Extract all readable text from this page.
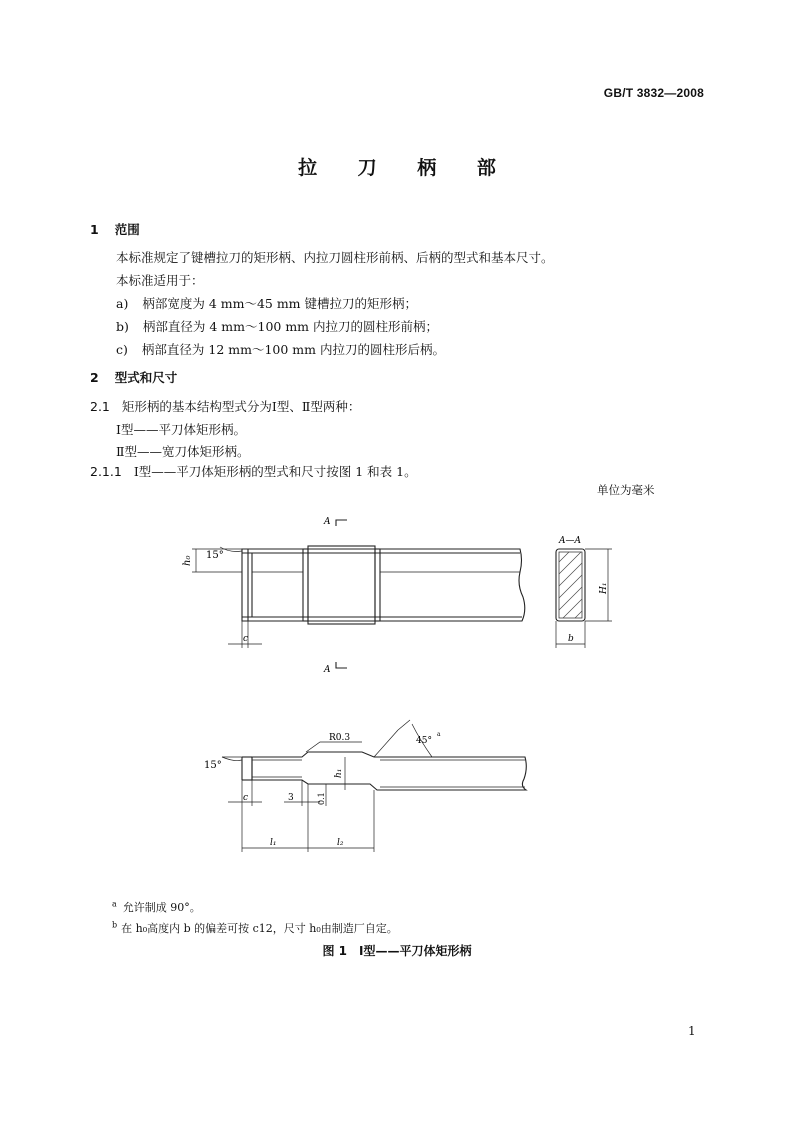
GB/T 3832—2008
拉 刀 柄 部
1 范围
本标准规定了键槽拉刀的矩形柄、内拉刀圆柱形前柄、后柄的型式和基本尺寸。
本标准适用于：
a) 柄部宽度为 4 mm～45 mm 键槽拉刀的矩形柄；
b) 柄部直径为 4 mm～100 mm 内拉刀的圆柱形前柄；
c) 柄部直径为 12 mm～100 mm 内拉刀的圆柱形后柄。
2 型式和尺寸
2.1 矩形柄的基本结构型式分为Ⅰ型、Ⅱ型两种：
Ⅰ型——平刀体矩形柄。
Ⅱ型——宽刀体矩形柄。
2.1.1 Ⅰ型——平刀体矩形柄的型式和尺寸按图 1 和表 1。
单位为毫米
15°
h₀
c
A
A
A—A
H₁
b
15°
R0.3	45°
a
h₁
c	3	0.1
l₁	l₂
$^a$ 允许制成 90°。
$^b$ 在 h₀高度内 b 的偏差可按 c12，尺寸 h₀由制造厂自定。
图 1　Ⅰ型——平刀体矩形柄
1
